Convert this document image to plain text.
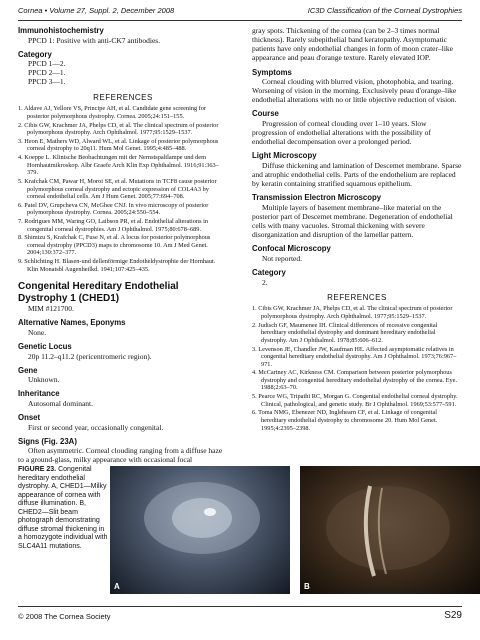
Cornea • Volume 27, Suppl. 2, December 2008	IC3D Classification of the Corneal Dystrophies
Immunohistochemistry

PPCD 1: Positive with anti-CK7 antibodies.

Category

PPCD 1—2.

PPCD 2—1.

PPCD 3—1.

REFERENCES

1. Aldave AJ, Yellore VS, Principe AH, et al. Candidate gene screening for posterior polymorphous dystrophy. Cornea. 2005;24:151–155.

2. Cibis GW, Krachmer JA, Phelps CD, et al. The clinical spectrum of posterior polymorphous dystrophy. Arch Ophthalmol. 1977;95:1529–1537.

3. Heon E, Mathers WD, Alward WL, et al. Linkage of posterior polymorphous corneal dystrophy to 20q11. Hum Mol Genet. 1995;4:485–488.

4. Koeppe L. Klinische Beobachtungen mit der Nernstspaltlampe und dem Hornhautmikroskop. Albr Graefe Arch Klin Exp Ophthalmol. 1916;91:363–379.

5. Krafchak CM, Pawar H, Moroi SE, et al. Mutations in TCF8 cause posterior polymorphous corneal dystrophy and ectopic expression of COL4A3 by corneal endothelial cells. Am J Hum Genet. 2005;77:694–708.

6. Patel DV, Grupcheva CN, McGhee CNJ. In vivo microscopy of posterior polymorphous dystrophy. Cornea. 2005;24:550–554.

7. Rodrigues MM, Waring GO, Laibson PR, et al. Endothelial alterations in congenital corneal dystrophies. Am J Ophthalmol. 1975;80:678–689.

8. Shimizu S, Krafchak C, Fuse N, et al. A locus for posterior polymorphous corneal dystrophy (PPCD3) maps to chromosome 10. Am J Med Genet. 2004;130:372–377.

9. Schlichting H. Blasen-und dellenförmige Endotheldystrophie der Hornhaut. Klin Monatsbl Augenheilkd. 1941;107:425–435.

Congenital Hereditary Endothelial Dystrophy 1 (CHED1)

MIM #121700.

Alternative Names, Eponyms

None.

Genetic Locus

20p 11.2–q11.2 (pericentromeric region).

Gene

Unknown.

Inheritance

Autosomal dominant.

Onset

First or second year, occasionally congenital.

Signs (Fig. 23A)

Often asymmetric. Corneal clouding ranging from a diffuse haze to a ground-glass, milky appearance with occasional focal

gray spots. Thickening of the cornea (can be 2–3 times normal thickness). Rarely subepithelial band keratopathy. Asymptomatic patients have only endothelial changes in form of moon crater–like appearance and peau d'orange texture. Rarely elevated IOP.

Symptoms

Corneal clouding with blurred vision, photophobia, and tearing. Worsening of vision in the morning. Exclusively peau d'orange–like endothelial alterations with no or little objective reduction of vision.

Course

Progression of corneal clouding over 1–10 years. Slow progression of endothelial alterations with the possibility of endothelial decompensation over a prolonged period.

Light Microscopy

Diffuse thickening and lamination of Descemet membrane. Sparse and atrophic endothelial cells. Parts of the endothelium are replaced by keratin containing stratified squamous epithelium.

Transmission Electron Microscopy

Multiple layers of basement membrane–like material on the posterior part of Descemet membrane. Degeneration of endothelial cells with many vacuoles. Stromal thickening with severe disorganization and disruption of the lamellar pattern.

Confocal Microscopy

Not reported.

Category

2.

REFERENCES

1. Cibis GW, Krachmer JA, Phelps CD, et al. The clinical spectrum of posterior polymorphous dystrophy. Arch Ophthalmol. 1977;95:1529–1537.

2. Judisch GF, Maumenee IH. Clinical differences of recessive congenital hereditary endothelial dystrophy and dominant hereditary endothelial dystrophy. Am J Ophthalmol. 1978;85:606–612.

3. Levenson JE, Chandler JW, Kaufman HE. Affected asymptomatic relatives in congenital hereditary endothelial dystrophy. Am J Ophthalmol. 1973;76:967–971.

4. McCartney AC, Kirkness CM. Comparison between posterior polymorphous dystrophy and congenital hereditary endothelial dystrophy of the cornea. Eye. 1988;2:63–70.

5. Pearce WG, Tripathi RC, Morgan G. Congenital endothelial corneal dystrophy. Clinical, pathological, and genetic study. Br J Ophthalmol. 1969;53:577–591.

6. Toma NMG, Ebenezer ND, Inglehearn CF, et al. Linkage of congenital hereditary endothelial dystrophy to chromosome 20. Hum Mol Genet. 1995;4:2395–2398.

FIGURE 23. Congenital hereditary endothelial dystrophy. A, CHED1—Milky appearance of cornea with diffuse illumination. B, CHED2—Slit beam photograph demonstrating diffuse stromal thickening in a homozygote individual with SLC4A11 mutations.
A	B
© 2008 The Cornea Society	S29
